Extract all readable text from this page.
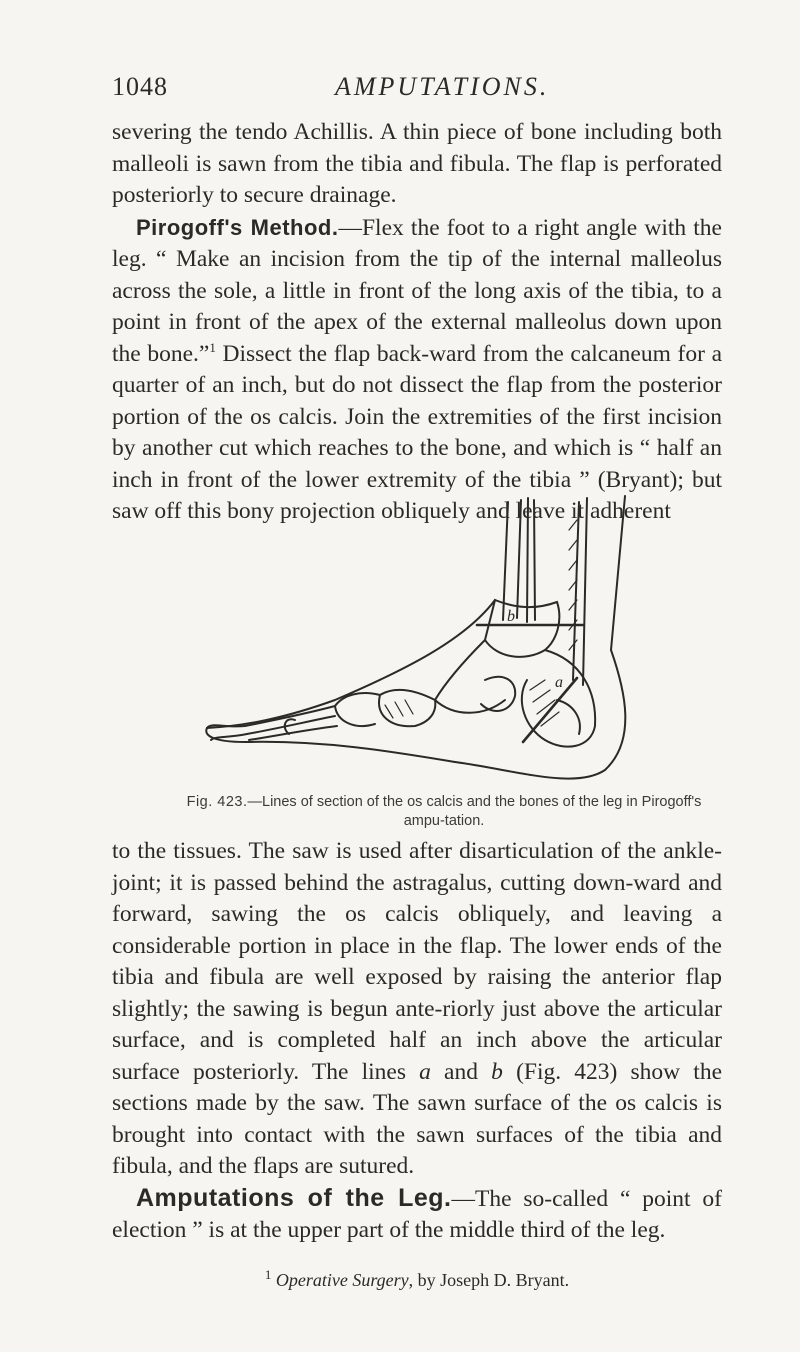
1048	AMPUTATIONS.

severing the tendo Achillis. A thin piece of bone including both malleoli is sawn from the tibia and fibula. The flap is perforated posteriorly to secure drainage.

Pirogoff's Method.—Flex the foot to a right angle with the leg. “ Make an incision from the tip of the internal malleolus across the sole, a little in front of the long axis of the tibia, to a point in front of the apex of the external malleolus down upon the bone.”$^1$ Dissect the flap back-ward from the calcaneum for a quarter of an inch, but do not dissect the flap from the posterior portion of the os calcis. Join the extremities of the first incision by another cut which reaches to the bone, and which is “ half an inch in front of the lower extremity of the tibia ” (Bryant); but saw off this bony projection obliquely and leave it adherent

b
a
Fig. 423.—Lines of section of the os calcis and the bones of the leg in Pirogoff's ampu-tation.

to the tissues. The saw is used after disarticulation of the ankle-joint; it is passed behind the astragalus, cutting down-ward and forward, sawing the os calcis obliquely, and leaving a considerable portion in place in the flap. The lower ends of the tibia and fibula are well exposed by raising the anterior flap slightly; the sawing is begun ante-riorly just above the articular surface, and is completed half an inch above the articular surface posteriorly. The lines a and b (Fig. 423) show the sections made by the saw. The sawn surface of the os calcis is brought into contact with the sawn surfaces of the tibia and fibula, and the flaps are sutured.

Amputations of the Leg.—The so-called “ point of election ” is at the upper part of the middle third of the leg.

$^1$ Operative Surgery, by Joseph D. Bryant.
